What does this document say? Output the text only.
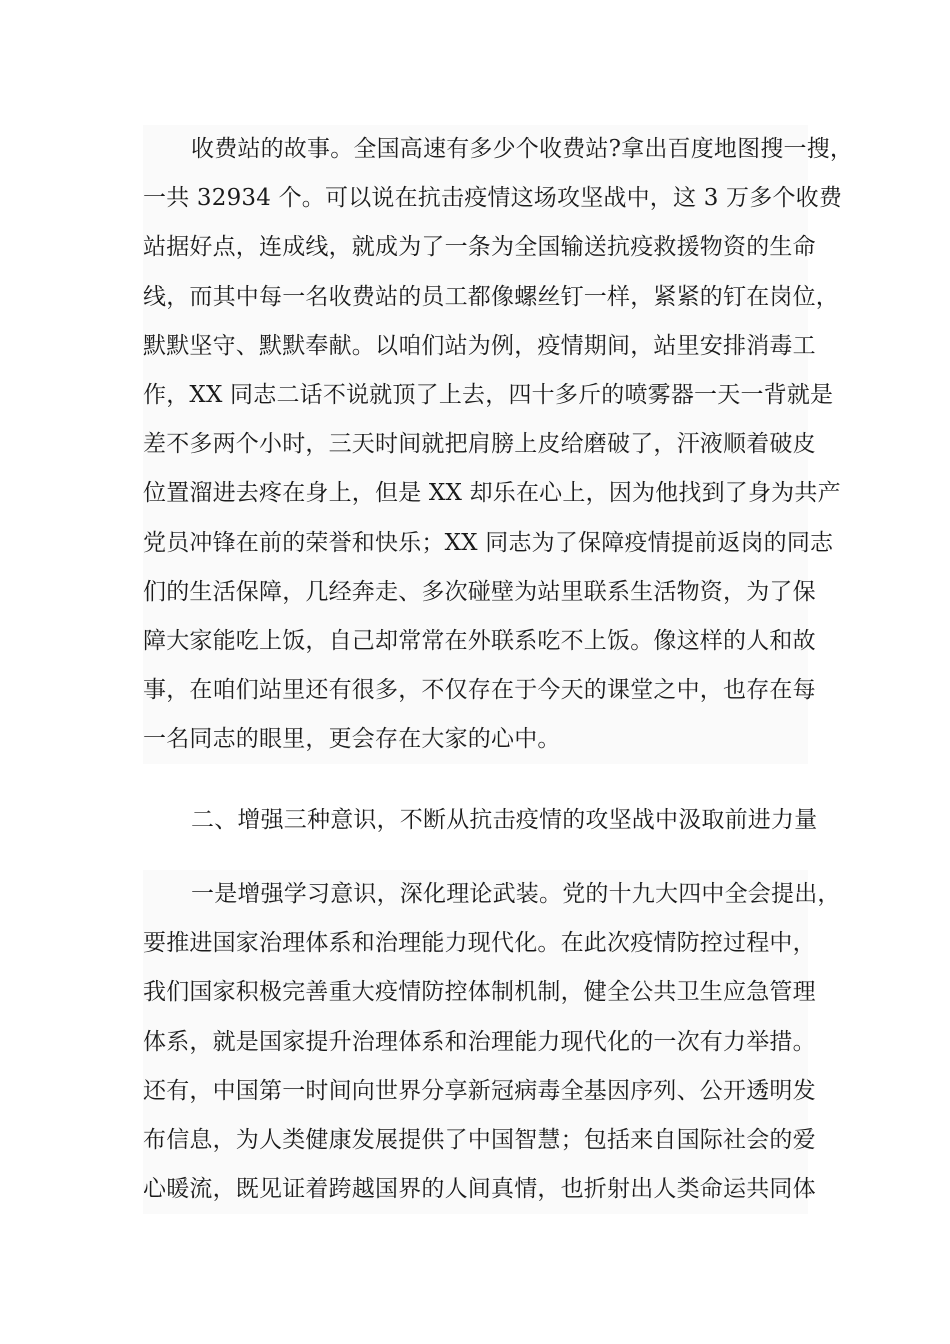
收费站的故事。全国高速有多少个收费站?拿出百度地图搜一搜，
一共 32934 个。可以说在抗击疫情这场攻坚战中，这 3 万多个收费
站据好点，连成线，就成为了一条为全国输送抗疫救援物资的生命
线，而其中每一名收费站的员工都像螺丝钉一样，紧紧的钉在岗位，
默默坚守、默默奉献。以咱们站为例，疫情期间，站里安排消毒工
作，XX 同志二话不说就顶了上去，四十多斤的喷雾器一天一背就是
差不多两个小时，三天时间就把肩膀上皮给磨破了，汗液顺着破皮
位置溜进去疼在身上，但是 XX 却乐在心上，因为他找到了身为共产
党员冲锋在前的荣誉和快乐；XX 同志为了保障疫情提前返岗的同志
们的生活保障，几经奔走、多次碰壁为站里联系生活物资，为了保
障大家能吃上饭，自己却常常在外联系吃不上饭。像这样的人和故
事，在咱们站里还有很多，不仅存在于今天的课堂之中，也存在每
一名同志的眼里，更会存在大家的心中。
二、增强三种意识，不断从抗击疫情的攻坚战中汲取前进力量
一是增强学习意识，深化理论武装。党的十九大四中全会提出，
要推进国家治理体系和治理能力现代化。在此次疫情防控过程中，
我们国家积极完善重大疫情防控体制机制，健全公共卫生应急管理
体系，就是国家提升治理体系和治理能力现代化的一次有力举措。
还有，中国第一时间向世界分享新冠病毒全基因序列、公开透明发
布信息，为人类健康发展提供了中国智慧；包括来自国际社会的爱
心暖流，既见证着跨越国界的人间真情，也折射出人类命运共同体
